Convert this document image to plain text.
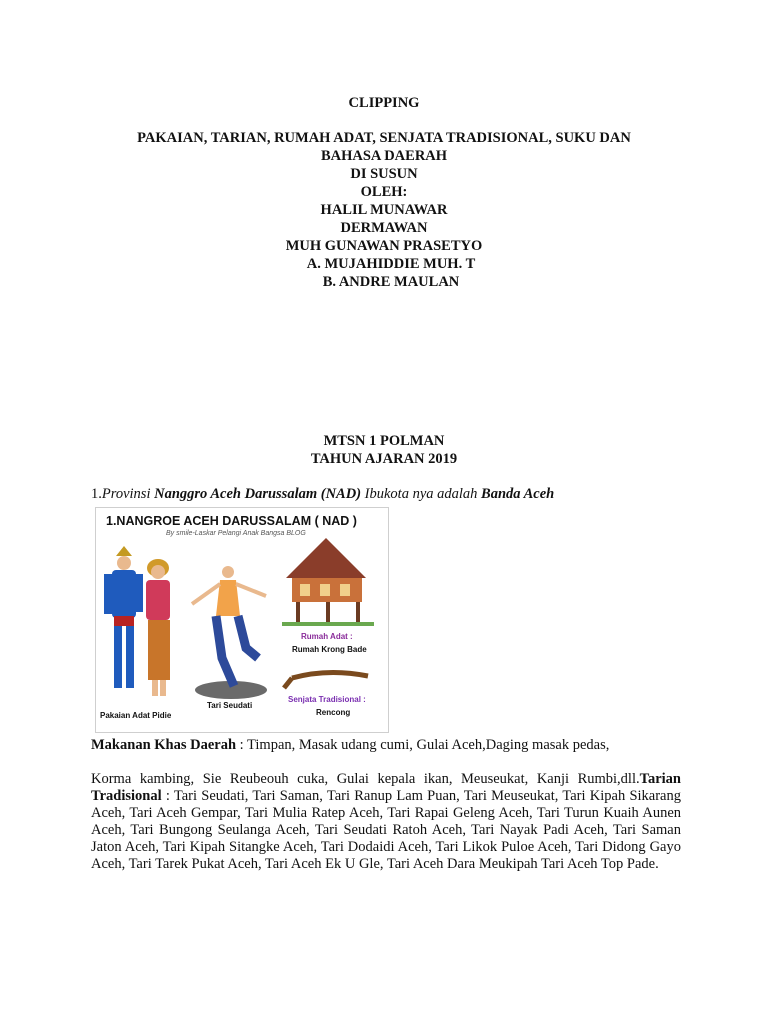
CLIPPING
PAKAIAN, TARIAN, RUMAH ADAT, SENJATA TRADISIONAL, SUKU DAN
BAHASA DAERAH
DI SUSUN
OLEH:
HALIL MUNAWAR
DERMAWAN
MUH GUNAWAN PRASETYO
A. MUJAHIDDIE MUH. T
B. ANDRE MAULAN
MTSN 1 POLMAN
TAHUN AJARAN 2019
1.Provinsi Nanggro Aceh Darussalam (NAD) Ibukota nya adalah Banda Aceh
1.NANGROE ACEH DARUSSALAM ( NAD )
By smile-Laskar Pelangi Anak Bangsa BLOG
Pakaian Adat Pidie
Tari Seudati
Rumah Adat :
Rumah Krong Bade
Senjata Tradisional :
Rencong
Makanan Khas Daerah : Timpan, Masak udang cumi, Gulai Aceh,Daging masak pedas,
Korma kambing, Sie Reubeouh cuka, Gulai kepala ikan, Meuseukat, Kanji Rumbi,dll.Tarian Tradisional : Tari Seudati, Tari Saman, Tari Ranup Lam Puan, Tari Meuseukat, Tari Kipah Sikarang Aceh, Tari Aceh Gempar, Tari Mulia Ratep Aceh, Tari Rapai Geleng Aceh, Tari Turun Kuaih Aunen Aceh, Tari Bungong Seulanga Aceh, Tari Seudati Ratoh Aceh, Tari Nayak Padi Aceh, Tari Saman Jaton Aceh, Tari Kipah Sitangke Aceh, Tari Dodaidi Aceh, Tari Likok Puloe Aceh, Tari Didong Gayo Aceh, Tari Tarek Pukat Aceh, Tari Aceh Ek U Gle, Tari Aceh Dara Meukipah Tari Aceh Top Pade.
